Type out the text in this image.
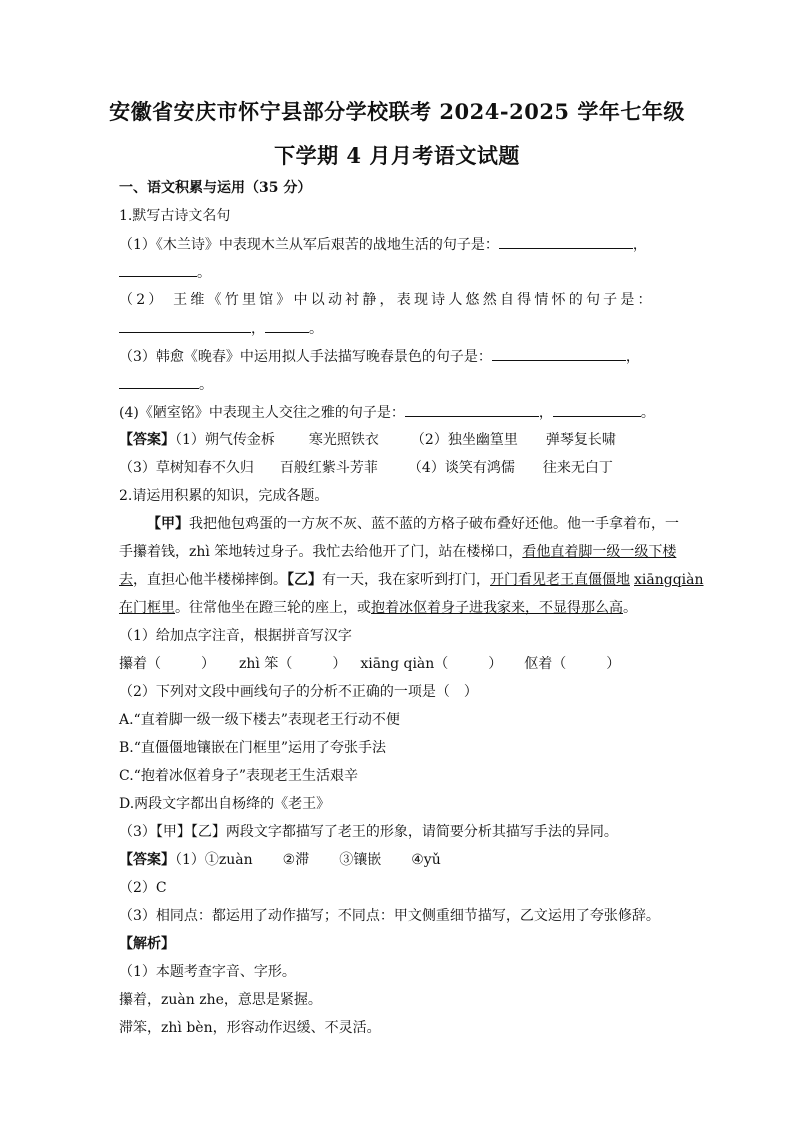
安徽省安庆市怀宁县部分学校联考 2024-2025 学年七年级
下学期 4 月月考语文试题
一、语文积累与运用（35 分）
1.默写古诗文名句
（1）《木兰诗》中表现木兰从军后艰苦的战地生活的句子是：	，
。
（2） 王维《竹里馆》中以动衬静，表现诗人悠然自得情怀的句子是：
，	。
（3）韩愈《晚春》中运用拟人手法描写晚春景色的句子是：	，
。
(4)《陋室铭》中表现主人交往之雅的句子是：	，	。
【答案】（1）朔气传金柝 寒光照铁衣 （2）独坐幽篁里 弹琴复长啸
（3）草树知春不久归 百般红紫斗芳菲 （4）谈笑有鸿儒 往来无白丁
2.请运用积累的知识，完成各题。
【甲】我把他包鸡蛋的一方灰不灰、蓝不蓝的方格子破布叠好还他。他一手拿着布，一
手攥着钱，zhì 笨地转过身子。我忙去给他开了门，站在楼梯口，看他直着脚一级一级下楼
去，直担心他半楼梯摔倒。【乙】有一天，我在家听到打门，开门看见老王直僵僵地 xiāngqiàn
在门框里。往常他坐在蹬三轮的座上，或抱着冰伛着身子进我家来，不显得那么高。
（1）给加点字注音，根据拼音写汉字
攥着（	） zhì 笨（	） xiāng qiàn（	） 伛着（	）
（2）下列对文段中画线句子的分析不正确的一项是（ ）
A.“直着脚一级一级下楼去”表现老王行动不便
B.“直僵僵地镶嵌在门框里”运用了夸张手法
C.“抱着冰伛着身子”表现老王生活艰辛
D.两段文字都出自杨绛的《老王》
（3）【甲】【乙】两段文字都描写了老王的形象，请简要分析其描写手法的异同。
【答案】（1）①zuàn ②滞 ③镶嵌 ④yǔ
（2）C
（3）相同点：都运用了动作描写；不同点：甲文侧重细节描写，乙文运用了夸张修辞。
【解析】
（1）本题考查字音、字形。
攥着，zuàn zhe，意思是紧握。
滞笨，zhì bèn，形容动作迟缓、不灵活。
